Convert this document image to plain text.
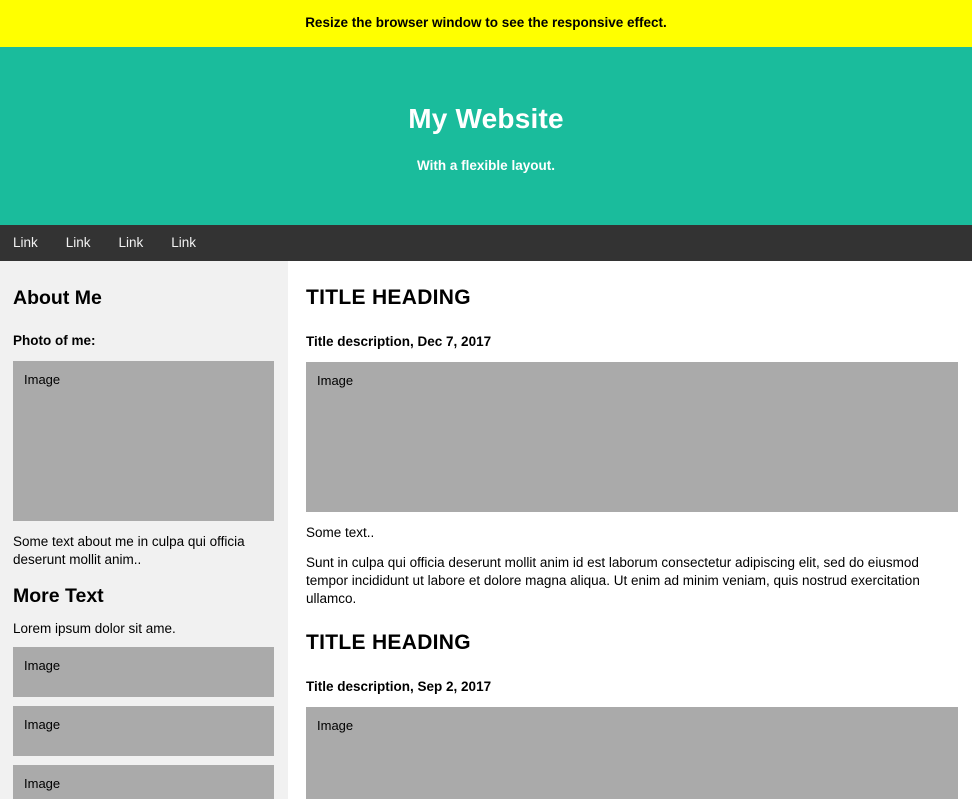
Resize the browser window to see the responsive effect.
My Website

With a flexible layout.

Link	Link	Link	Link
About Me
Photo of me:
Image

Some text about me in culpa qui officia deserunt mollit anim..

More Text

Lorem ipsum dolor sit ame.

Image
Image
Image
TITLE HEADING
Title description, Dec 7, 2017
Image

Some text..

Sunt in culpa qui officia deserunt mollit anim id est laborum consectetur adipiscing elit, sed do eiusmod tempor incididunt ut labore et dolore magna aliqua. Ut enim ad minim veniam, quis nostrud exercitation ullamco.

TITLE HEADING
Title description, Sep 2, 2017
Image
